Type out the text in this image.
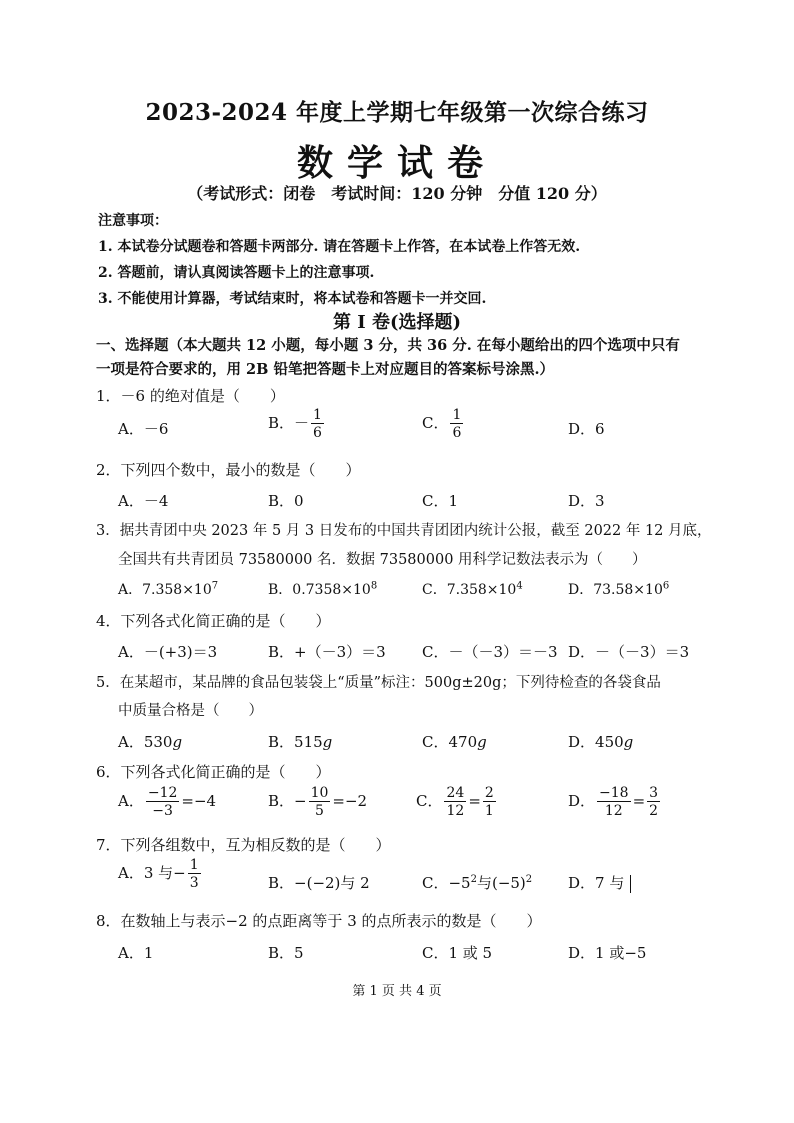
2023-2024 年度上学期七年级第一次综合练习
数学试卷
（考试形式：闭卷　考试时间：120 分钟　分值 120 分）
注意事项：
1. 本试卷分试题卷和答题卡两部分. 请在答题卡上作答，在本试卷上作答无效.
2. 答题前，请认真阅读答题卡上的注意事项.
3. 不能使用计算器，考试结束时，将本试卷和答题卡一并交回.
第 I 卷(选择题)
一、选择题（本大题共 12 小题，每小题 3 分，共 36 分. 在每小题给出的四个选项中只有
一项是符合要求的，用 2B 铅笔把答题卡上对应题目的答案标号涂黑.）
1．－6 的绝对值是（　　）
A．－6	B．－ $\frac{1}{6}$	C． $\frac{1}{6}$	D．6
2．下列四个数中，最小的数是（　　）
A．－4	B．0	C．1	D．3
3．据共青团中央 2023 年 5 月 3 日发布的中国共青团团内统计公报，截至 2022 年 12 月底，
全国共有共青团员 73580000 名．数据 73580000 用科学记数法表示为（　　）
A．$7.358\times 10^7$	B．$0.7358\times 10^8$	C．$7.358\times 10^4$	D．$73.58\times 10^6$
4．下列各式化简正确的是（　　）
A．－(+3)＝3	B．+（－3）＝3 C．－（－3）＝－3 D．－（－3）＝3
5．在某超市，某品牌的食品包装袋上“质量”标注：500g±20g；下列待检查的各袋食品
中质量合格是（　　）
A．530g	B．515g	C．470g	D．450g
6．下列各式化简正确的是（　　）
A． $\frac{-12}{-3} =-4$	B．− $\frac{10}{5} =-2$	C． $\frac{24}{12} = \frac{2}{1}$	D． $\frac{-18}{12} = \frac{3}{2}$
7．下列各组数中，互为相反数的是（　　）
A．3 与− $\frac{1}{3}$	B．−(−2)与 2	C．$-5^2$与$(-5)^2$ D．7 与
8．在数轴上与表示−2 的点距离等于 3 的点所表示的数是（　　）
A．1	B．5	C．1 或 5	D．1 或−5
第 1 页 共 4 页
